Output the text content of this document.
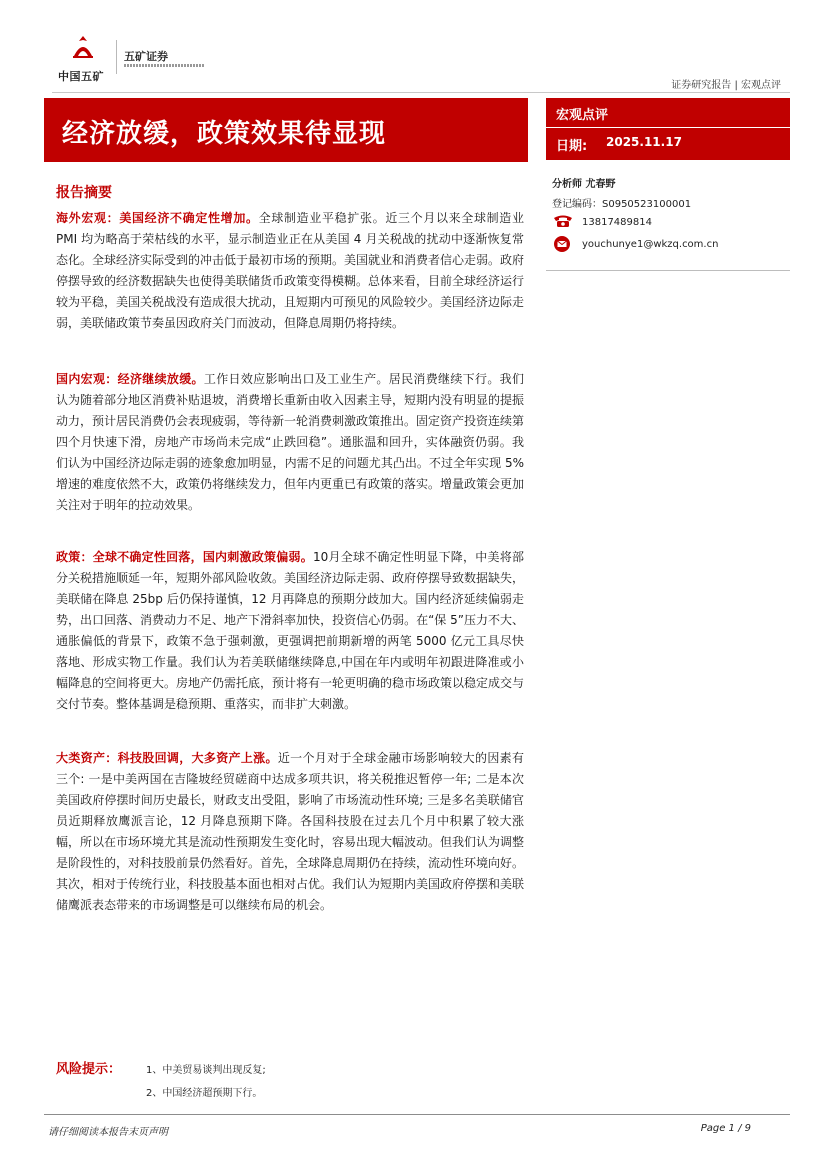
中国五矿
五矿证券
证券研究报告 | 宏观点评
经济放缓，政策效果待显现
宏观点评
日期: 2025.11.17
分析师 尤春野
登记编码：S0950523100001
13817489814
youchunye1@wkzq.com.cn
报告摘要

海外宏观：美国经济不确定性增加。全球制造业平稳扩张。近三个月以来全球制造业 PMI 均为略高于荣枯线的水平，显示制造业正在从美国 4 月关税战的扰动中逐渐恢复常态化。全球经济实际受到的冲击低于最初市场的预期。美国就业和消费者信心走弱。政府停摆导致的经济数据缺失也使得美联储货币政策变得模糊。总体来看，目前全球经济运行较为平稳，美国关税战没有造成很大扰动，且短期内可预见的风险较少。美国经济边际走弱，美联储政策节奏虽因政府关门而波动，但降息周期仍将持续。

国内宏观：经济继续放缓。工作日效应影响出口及工业生产。居民消费继续下行。我们认为随着部分地区消费补贴退坡，消费增长重新由收入因素主导，短期内没有明显的提振动力，预计居民消费仍会表现疲弱，等待新一轮消费刺激政策推出。固定资产投资连续第四个月快速下滑，房地产市场尚未完成“止跌回稳”。通胀温和回升，实体融资仍弱。我们认为中国经济边际走弱的迹象愈加明显，内需不足的问题尤其凸出。不过全年实现 5%增速的难度依然不大，政策仍将继续发力，但年内更重已有政策的落实。增量政策会更加关注对于明年的拉动效果。

政策：全球不确定性回落，国内刺激政策偏弱。10月全球不确定性明显下降，中美将部分关税措施顺延一年，短期外部风险收敛。美国经济边际走弱、政府停摆导致数据缺失，美联储在降息 25bp 后仍保持谨慎，12 月再降息的预期分歧加大。国内经济延续偏弱走势，出口回落、消费动力不足、地产下滑斜率加快，投资信心仍弱。在“保 5”压力不大、通胀偏低的背景下，政策不急于强刺激，更强调把前期新增的两笔 5000 亿元工具尽快落地、形成实物工作量。我们认为若美联储继续降息,中国在年内或明年初跟进降准或小幅降息的空间将更大。房地产仍需托底，预计将有一轮更明确的稳市场政策以稳定成交与交付节奏。整体基调是稳预期、重落实，而非扩大刺激。

大类资产：科技股回调，大多资产上涨。近一个月对于全球金融市场影响较大的因素有三个: 一是中美两国在吉隆坡经贸磋商中达成多项共识，将关税推迟暂停一年; 二是本次美国政府停摆时间历史最长，财政支出受阻，影响了市场流动性环境; 三是多名美联储官员近期释放鹰派言论，12 月降息预期下降。各国科技股在过去几个月中积累了较大涨幅，所以在市场环境尤其是流动性预期发生变化时，容易出现大幅波动。但我们认为调整是阶段性的，对科技股前景仍然看好。首先，全球降息周期仍在持续，流动性环境向好。其次，相对于传统行业，科技股基本面也相对占优。我们认为短期内美国政府停摆和美联储鹰派表态带来的市场调整是可以继续布局的机会。

风险提示： 1、中美贸易谈判出现反复;
2、中国经济超预期下行。
请仔细阅读本报告末页声明	Page 1 / 9
